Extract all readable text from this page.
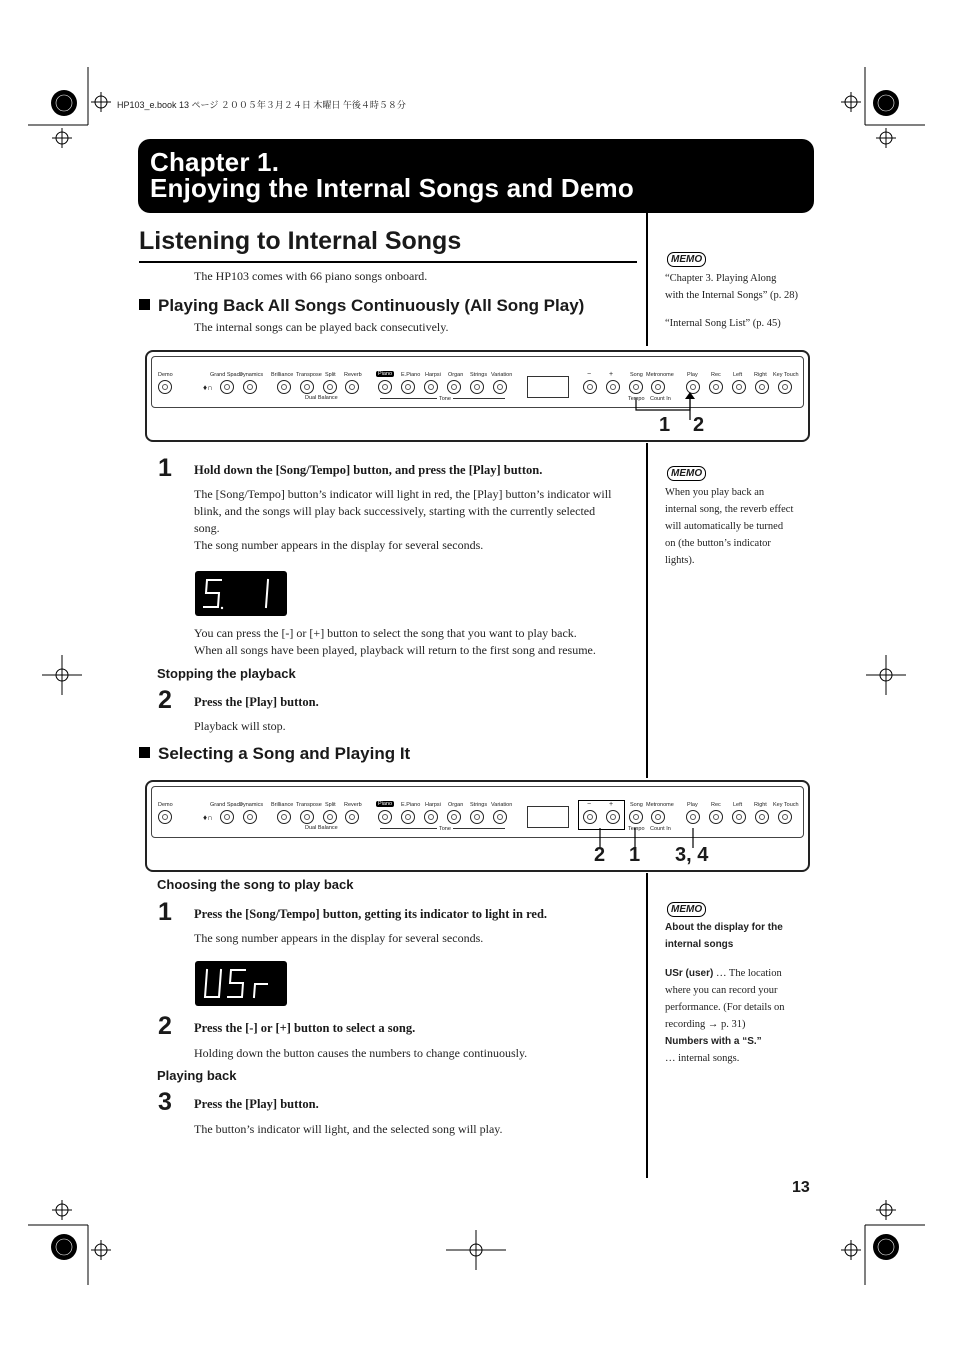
HP103_e.book 13 ページ ２００５年３月２４日 木曜日 午後４時５８分
Chapter 1.
Enjoying the Internal Songs and Demo
Listening to Internal Songs
The HP103 comes with 66 piano songs onboard.
Playing Back All Songs Continuously (All Song Play)
The internal songs can be played back consecutively.
MEMO
“Chapter 3. Playing Along
with the Internal Songs” (p. 28)
“Internal Song List” (p. 45)
Demo	Grand Space
♦∩
Dynamics Brilliance Transpose Split Reverb
Dual Balance
Piano	E.Piano Harpsi Organ Strings Variation
Tone
−	+	Song Metronome
Tempo Count In
Play Rec Left Right Key Touch
1 2
1 Hold down the [Song/Tempo] button, and press the [Play] button.
The [Song/Tempo] button’s indicator will light in red, the [Play] button’s indicator will
blink, and the songs will play back successively, starting with the currently selected
song.
The song number appears in the display for several seconds.
MEMO
When you play back an
internal song, the reverb effect
will automatically be turned
on (the button’s indicator
lights).
You can press the [-] or [+] button to select the song that you want to play back.
When all songs have been played, playback will return to the first song and resume.
Stopping the playback
2 Press the [Play] button.
Playback will stop.
Selecting a Song and Playing It
Demo	Grand Space
♦∩
Dynamics Brilliance Transpose Split Reverb
Dual Balance
Piano	E.Piano Harpsi Organ Strings Variation
Tone
−	+	Song Metronome
Tempo Count In
Play Rec Left Right Key Touch
2 1 3, 4
Choosing the song to play back
1 Press the [Song/Tempo] button, getting its indicator to light in red.
The song number appears in the display for several seconds.
MEMO
About the display for the
internal songs
USr (user) … The location
where you can record your
performance. (For details on
recording → p. 31)
Numbers with a “S.”
… internal songs.
2 Press the [-] or [+] button to select a song.
Holding down the button causes the numbers to change continuously.
Playing back
3 Press the [Play] button.
The button’s indicator will light, and the selected song will play.
13
